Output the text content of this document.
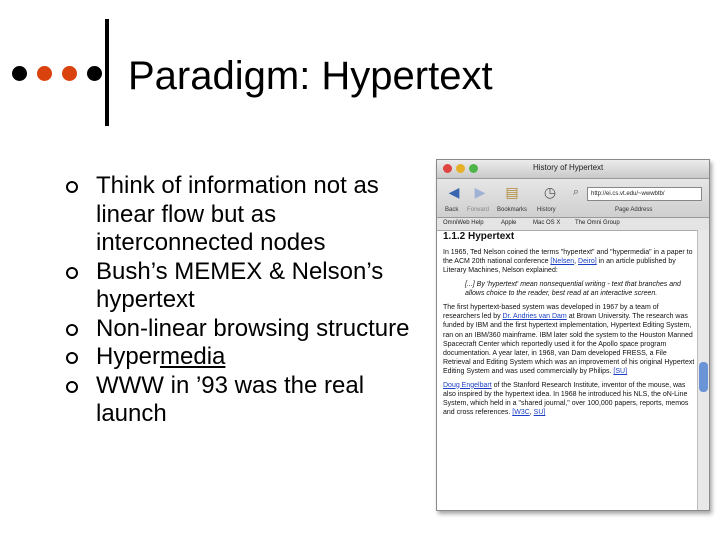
Paradigm: Hypertext
Think of information not as linear flow but as interconnected nodes
Bush’s MEMEX & Nelson’s hypertext
Non-linear browsing structure
Hypermedia
WWW in ’93 was the real launch
History of Hypertext
◀ ▶ ▤ ◷
Back Forward Bookmarks History	Page Address
⌕	http://ei.cs.vt.edu/~wwwbtb/
OmniWeb Help	Apple	Mac OS X The Omni Group
1.1.2 Hypertext
In 1965, Ted Nelson coined the terms "hypertext" and "hypermedia" in a paper to the ACM 20th national conference [Nelsen, Deiro] in an article published by Literary Machines, Nelson explained:
[...] By 'hypertext' mean nonsequential writing - text that branches and allows choice to the reader, best read at an interactive screen.
The first hypertext-based system was developed in 1967 by a team of researchers led by Dr. Andries van Dam at Brown University. The research was funded by IBM and the first hypertext implementation, Hypertext Editing System, ran on an IBM/360 mainframe. IBM later sold the system to the Houston Manned Spacecraft Center which reportedly used it for the Apollo space program documentation. A year later, in 1968, van Dam developed FRESS, a File Retrieval and Editing System which was an improvement of his original Hypertext Editing System and was used commercially by Philips. [SU]
Doug Engelbart of the Stanford Research Institute, inventor of the mouse, was also inspired by the hypertext idea. In 1968 he introduced his NLS, the oN-Line System, which held in a "shared journal," over 100,000 papers, reports, memos and cross references. [W3C, SU]
